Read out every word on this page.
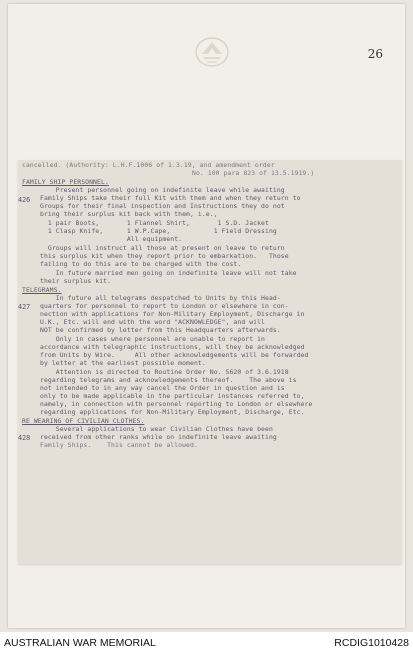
26
cancelled. (Authority: L.H.F.1006 of 1.3.19, and amendment order
No. 100 para 823 of 13.5.1919.)
FAMILY SHIP PERSONNEL.
426
Present personnel going on indefinite leave while awaiting
Family Ships take their full Kit with them and when they return to
Groups for their final inspection and Instructions they do not
bring their surplus kit back with them, i.e.,
1 pair Boots,       1 Flannel Shirt,       1 S.D. Jacket
1 Clasp Knife,      1 W.P.Cape,           1 Field Dressing
All equipment.
Groups will instruct all those at present on leave to return
this surplus kit when they report prior to embarkation.   Those
failing to do this are to be charged with the cost.
In future married men going on indefinite leave will not take
their surplus kit.
TELEGRAMS.
427
In future all telegrams despatched to Units by this Head-
quarters for personnel to report to London or elsewhere in con-
nection with applications for Non-Military Employment, Discharge in
U.K., Etc. will end with the word "ACKNOWLEDGE", and will
NOT be confirmed by letter from this Headquarters afterwards.
Only in cases where personnel are unable to report in
accordance with telegraphic instructions, will they be acknowledged
from Units by Wire.     All other acknowledgements will be forwarded
by letter at the earliest possible moment.
Attention is directed to Routine Order No. 5620 of 3.6.1918
regarding telegrams and acknowledgements thereof.    The above is
not intended to in any way cancel the Order in question and is
only to be made applicable in the particular instances referred to,
namely, in connection with personnel reporting to London or elsewhere
regarding applications for Non-Military Employment, Discharge, Etc.
RE WEARING OF CIVILIAN CLOTHES.
428
Several applications to wear Civilian Clothes have been
received from other ranks while on indefinite leave awaiting
Family Ships.    This cannot be allowed.
AUSTRALIAN WAR MEMORIAL	RCDIG1010428
